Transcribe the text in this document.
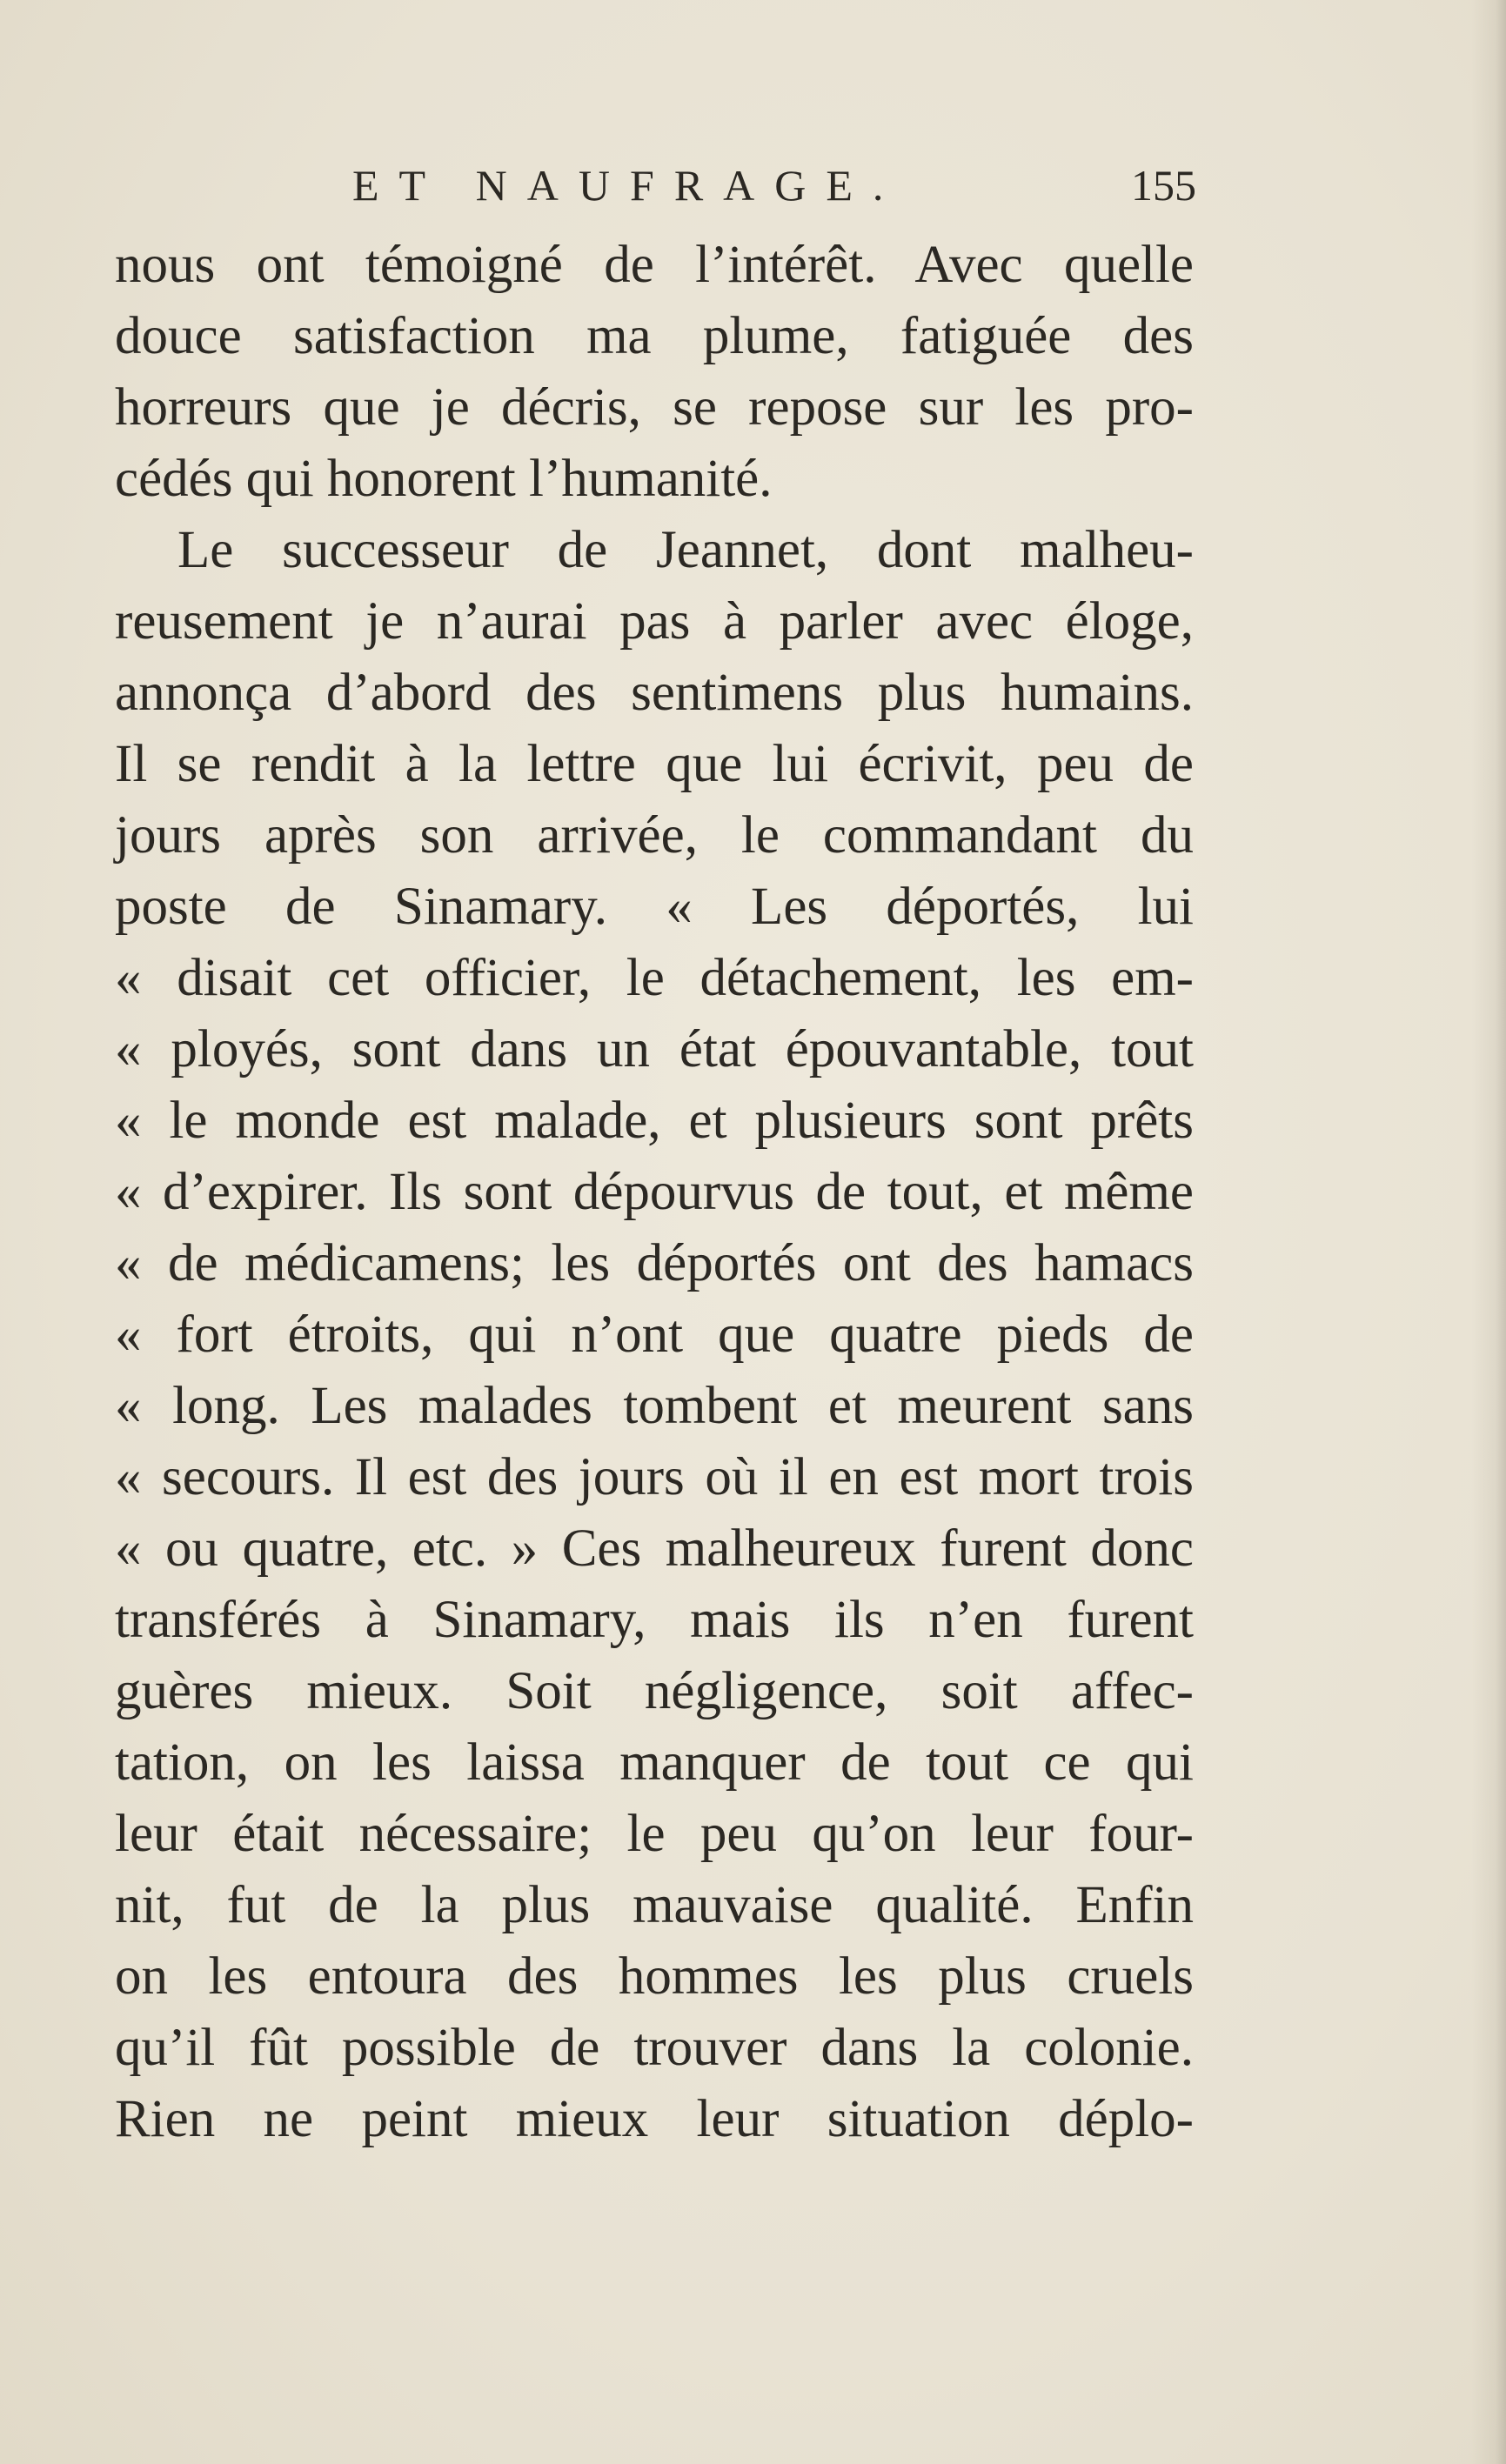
ET NAUFRAGE.	155
nous ont témoigné de l’intérêt. Avec quelle
douce satisfaction ma plume, fatiguée des
horreurs que je décris, se repose sur les pro-
cédés qui honorent l’humanité.
Le successeur de Jeannet, dont malheu-
reusement je n’aurai pas à parler avec éloge,
annonça d’abord des sentimens plus humains.
Il se rendit à la lettre que lui écrivit, peu de
jours après son arrivée, le commandant du
poste de Sinamary. « Les déportés, lui
« disait cet officier, le détachement, les em-
« ployés, sont dans un état épouvantable, tout
« le monde est malade, et plusieurs sont prêts
« d’expirer. Ils sont dépourvus de tout, et même
« de médicamens; les déportés ont des hamacs
« fort étroits, qui n’ont que quatre pieds de
« long. Les malades tombent et meurent sans
« secours. Il est des jours où il en est mort trois
« ou quatre, etc. » Ces malheureux furent donc
transférés à Sinamary, mais ils n’en furent
guères mieux. Soit négligence, soit affec-
tation, on les laissa manquer de tout ce qui
leur était nécessaire; le peu qu’on leur four-
nit, fut de la plus mauvaise qualité. Enfin
on les entoura des hommes les plus cruels
qu’il fût possible de trouver dans la colonie.
Rien ne peint mieux leur situation déplo-
